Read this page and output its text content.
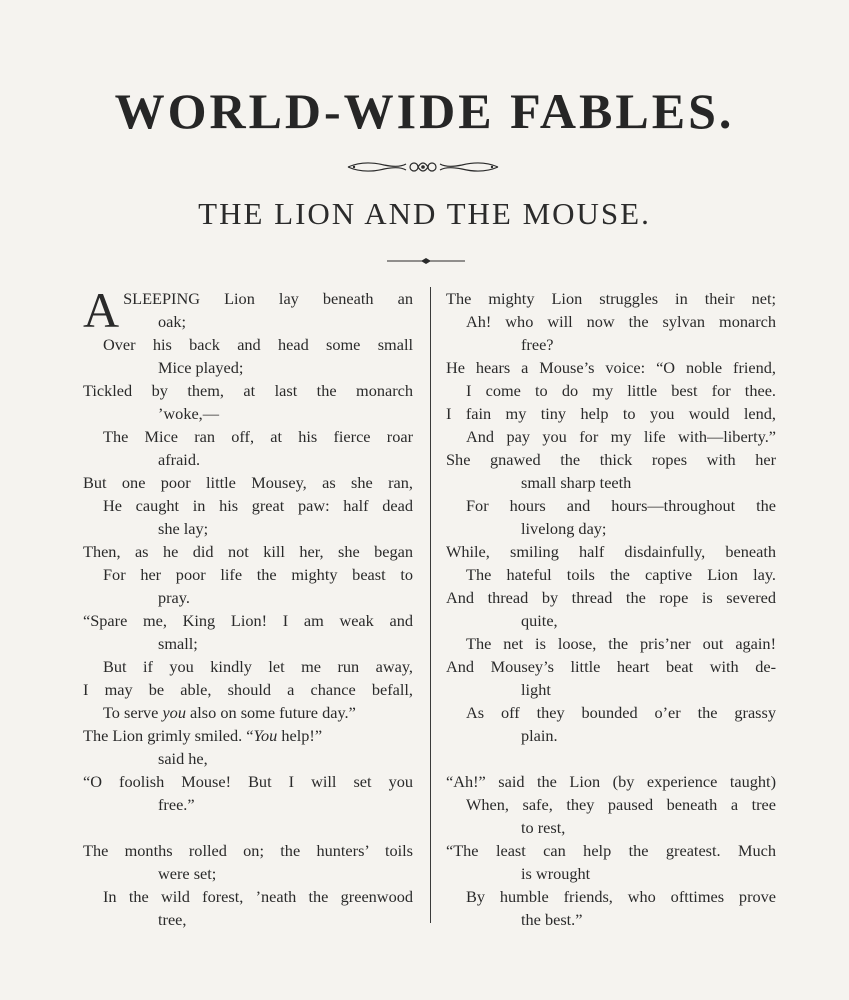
WORLD-WIDE FABLES.
THE LION AND THE MOUSE.
A SLEEPING Lion lay beneath an
oak;
Over his back and head some small
Mice played;
Tickled by them, at last the monarch
’woke,—
The Mice ran off, at his fierce roar
afraid.
But one poor little Mousey, as she ran,
He caught in his great paw: half dead
she lay;
Then, as he did not kill her, she began
For her poor life the mighty beast to
pray.
“Spare me, King Lion! I am weak and
small;
But if you kindly let me run away,
I may be able, should a chance befall,
To serve you also on some future day.”
The Lion grimly smiled. “You help!”
said he,
“O foolish Mouse! But I will set you
free.”
The months rolled on; the hunters’ toils
were set;
In the wild forest, ’neath the greenwood
tree,
The mighty Lion struggles in their net;
Ah! who will now the sylvan monarch
free?
He hears a Mouse’s voice: “O noble friend,
I come to do my little best for thee.
I fain my tiny help to you would lend,
And pay you for my life with—liberty.”
She gnawed the thick ropes with her
small sharp teeth
For hours and hours—throughout the
livelong day;
While, smiling half disdainfully, beneath
The hateful toils the captive Lion lay.
And thread by thread the rope is severed
quite,
The net is loose, the pris’ner out again!
And Mousey’s little heart beat with de-
light
As off they bounded o’er the grassy
plain.
“Ah!” said the Lion (by experience taught)
When, safe, they paused beneath a tree
to rest,
“The least can help the greatest. Much
is wrought
By humble friends, who ofttimes prove
the best.”
